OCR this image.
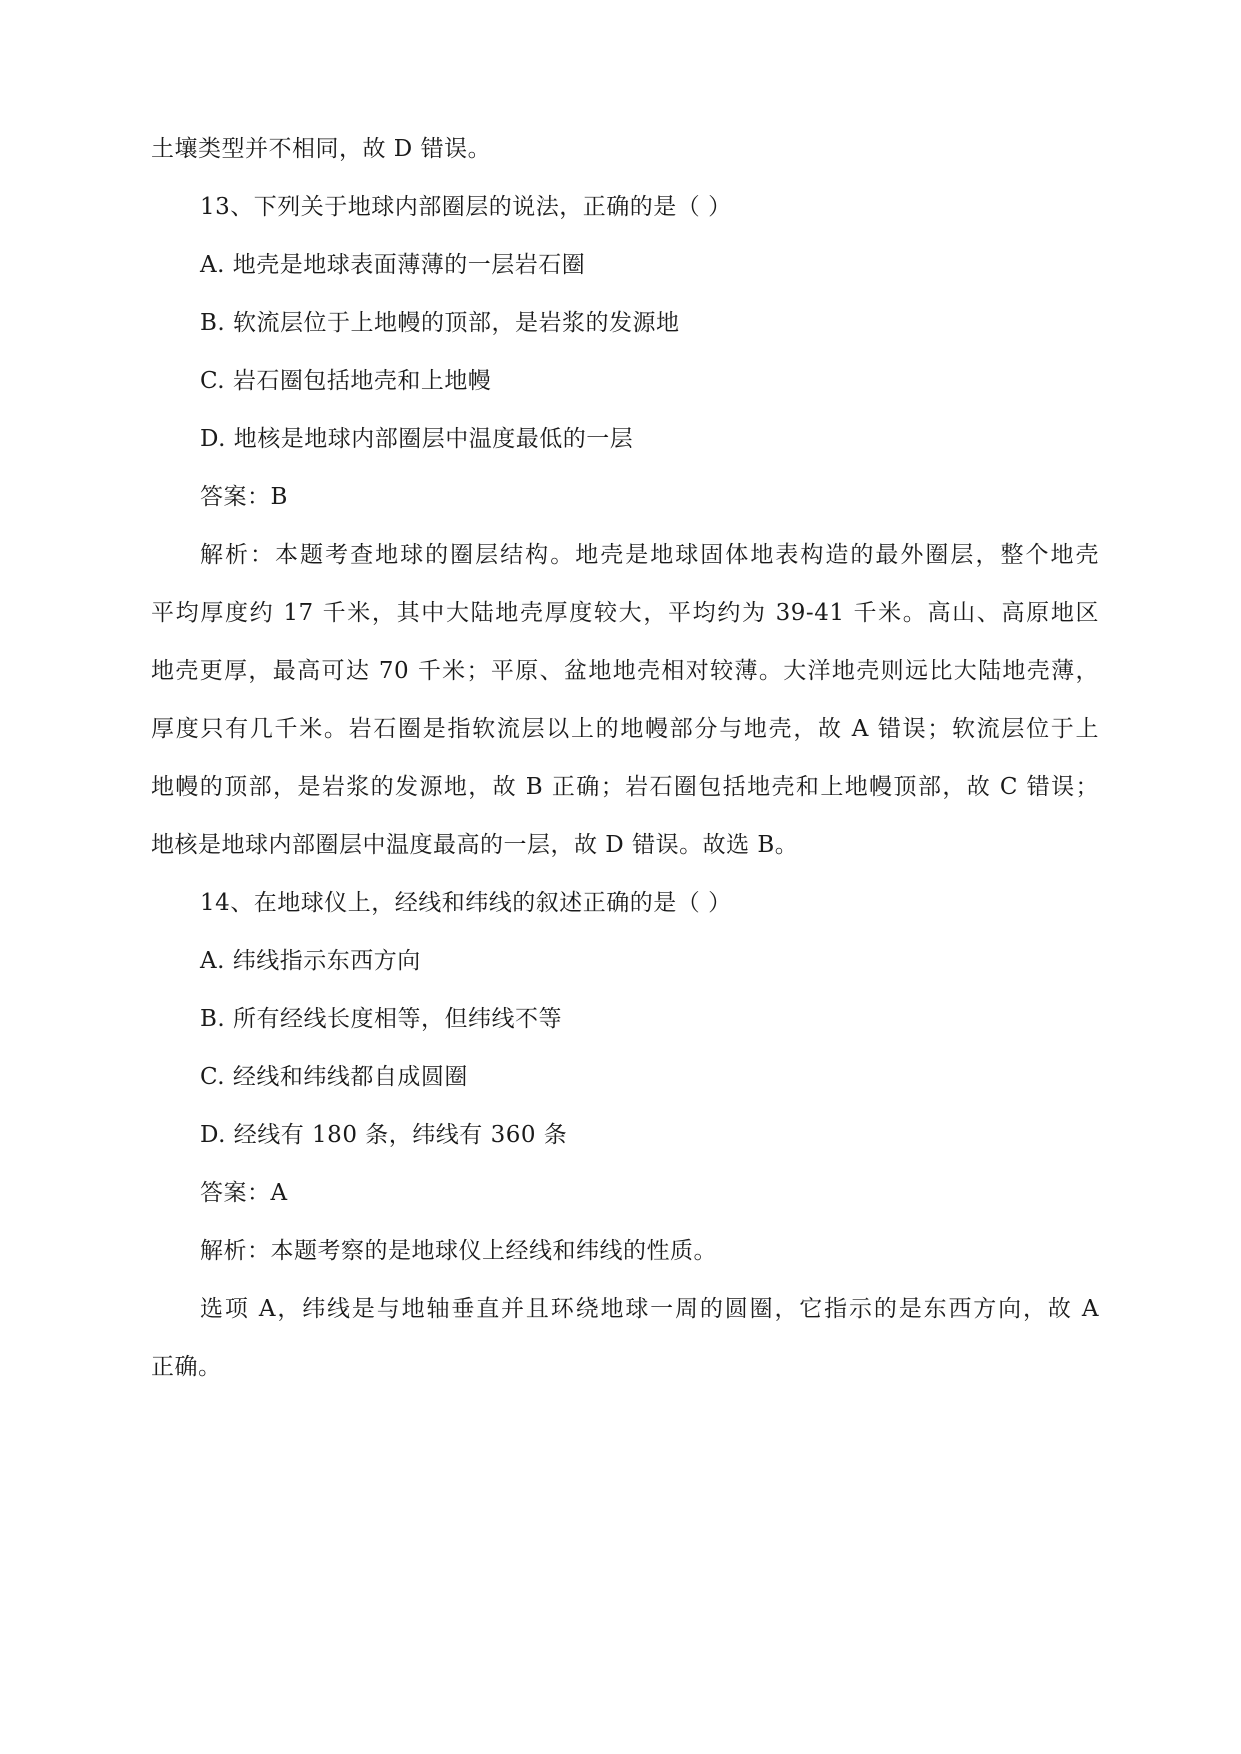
土壤类型并不相同，故 D 错误。
13、下列关于地球内部圈层的说法，正确的是（ ）
A. 地壳是地球表面薄薄的一层岩石圈
B. 软流层位于上地幔的顶部，是岩浆的发源地
C. 岩石圈包括地壳和上地幔
D. 地核是地球内部圈层中温度最低的一层
答案：B
解析：本题考查地球的圈层结构。地壳是地球固体地表构造的最外圈层，整个地壳
平均厚度约 17 千米，其中大陆地壳厚度较大，平均约为 39-41 千米。高山、高原地区
地壳更厚，最高可达 70 千米；平原、盆地地壳相对较薄。大洋地壳则远比大陆地壳薄，
厚度只有几千米。岩石圈是指软流层以上的地幔部分与地壳，故 A 错误；软流层位于上
地幔的顶部，是岩浆的发源地，故 B 正确；岩石圈包括地壳和上地幔顶部，故 C 错误；
地核是地球内部圈层中温度最高的一层，故 D 错误。故选 B。
14、在地球仪上，经线和纬线的叙述正确的是（ ）
A. 纬线指示东西方向
B. 所有经线长度相等，但纬线不等
C. 经线和纬线都自成圆圈
D. 经线有 180 条，纬线有 360 条
答案：A
解析：本题考察的是地球仪上经线和纬线的性质。
选项 A，纬线是与地轴垂直并且环绕地球一周的圆圈，它指示的是东西方向，故 A
正确。
